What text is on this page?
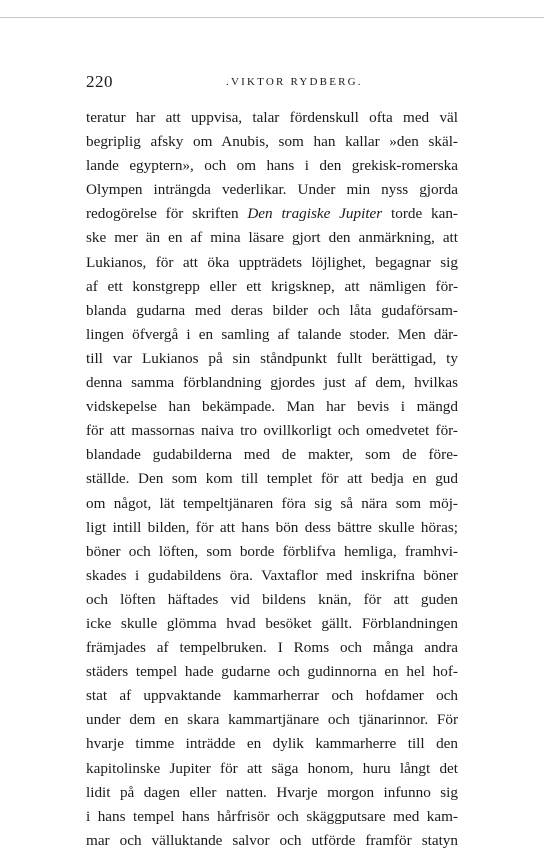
220	.VIKTOR RYDBERG.
teratur har att uppvisa, talar fördenskull ofta med väl
begriplig afsky om Anubis, som han kallar »den skäl-
lande egyptern», och om hans i den grekisk-romerska
Olympen inträngda vederlikar. Under min nyss gjorda
redogörelse för skriften Den tragiske Jupiter torde kan-
ske mer än en af mina läsare gjort den anmärkning, att
Lukianos, för att öka uppträdets löjlighet, begagnar sig
af ett konstgrepp eller ett krigsknep, att nämligen för-
blanda gudarna med deras bilder och låta gudaförsam-
lingen öfvergå i en samling af talande stoder. Men där-
till var Lukianos på sin ståndpunkt fullt berättigad, ty
denna samma förblandning gjordes just af dem, hvilkas
vidskepelse han bekämpade. Man har bevis i mängd
för att massornas naiva tro ovillkorligt och omedvetet för-
blandade gudabilderna med de makter, som de före-
ställde. Den som kom till templet för att bedja en gud
om något, lät tempeltjänaren föra sig så nära som möj-
ligt intill bilden, för att hans bön dess bättre skulle höras;
böner och löften, som borde förblifva hemliga, framhvi-
skades i gudabildens öra. Vaxtaflor med inskrifna böner
och löften häftades vid bildens knän, för att guden
icke skulle glömma hvad besöket gällt. Förblandningen
främjades af tempelbruken. I Roms och många andra
städers tempel hade gudarne och gudinnorna en hel hof-
stat af uppvaktande kammarherrar och hofdamer och
under dem en skara kammartjänare och tjänarinnor. För
hvarje timme inträdde en dylik kammarherre till den
kapitolinske Jupiter för att säga honom, huru långt det
lidit på dagen eller natten. Hvarje morgon infunno sig
i hans tempel hans hårfrisör och skäggputsare med kam-
mar och välluktande salvor och utförde framför statyn
